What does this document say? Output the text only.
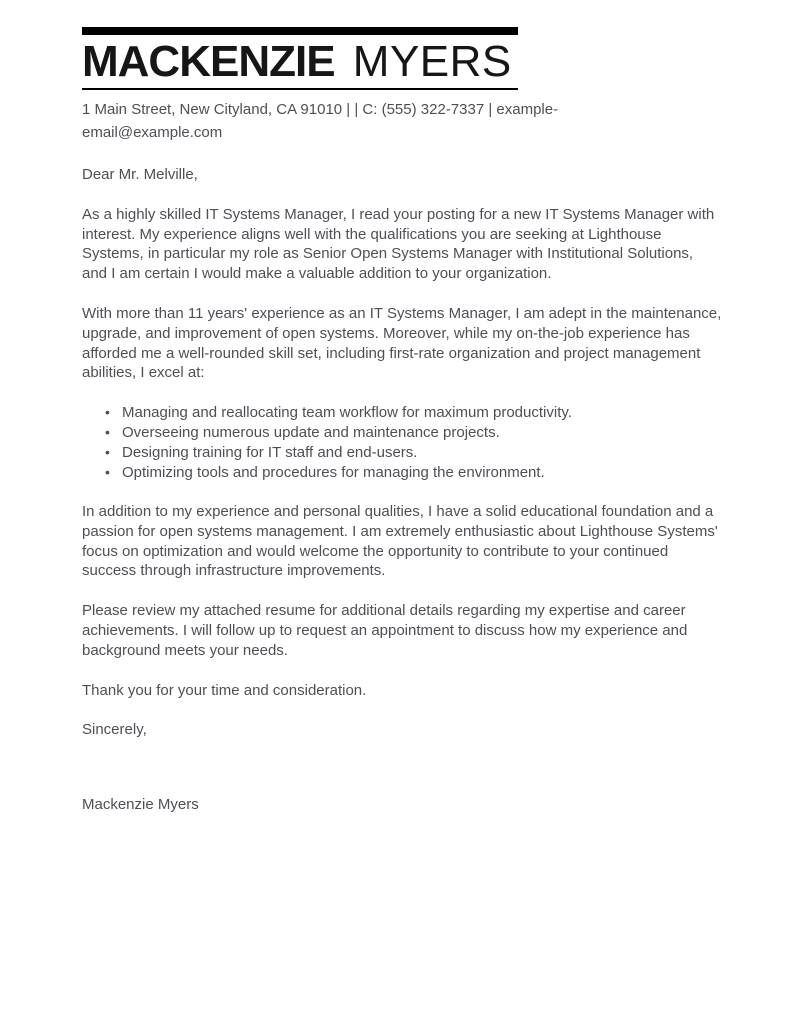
MACKENZIE MYERS

1 Main Street, New Cityland, CA 91010 | | C: (555) 322-7337 | example-email@example.com

Dear Mr. Melville,

As a highly skilled IT Systems Manager, I read your posting for a new IT Systems Manager with interest. My experience aligns well with the qualifications you are seeking at Lighthouse Systems, in particular my role as Senior Open Systems Manager with Institutional Solutions, and I am certain I would make a valuable addition to your organization.

With more than 11 years' experience as an IT Systems Manager, I am adept in the maintenance, upgrade, and improvement of open systems. Moreover, while my on-the-job experience has afforded me a well-rounded skill set, including first-rate organization and project management abilities, I excel at:

• Managing and reallocating team workflow for maximum productivity.
• Overseeing numerous update and maintenance projects.
• Designing training for IT staff and end-users.
• Optimizing tools and procedures for managing the environment.

In addition to my experience and personal qualities, I have a solid educational foundation and a passion for open systems management. I am extremely enthusiastic about Lighthouse Systems' focus on optimization and would welcome the opportunity to contribute to your continued success through infrastructure improvements.

Please review my attached resume for additional details regarding my expertise and career achievements. I will follow up to request an appointment to discuss how my experience and background meets your needs.

Thank you for your time and consideration.

Sincerely,

Mackenzie Myers
